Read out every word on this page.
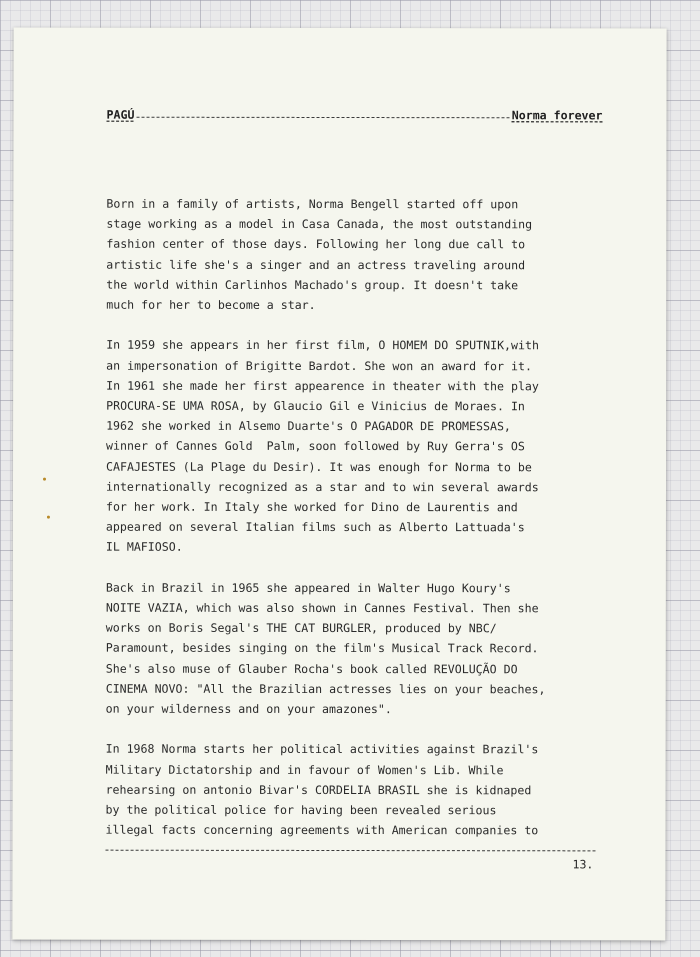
PAGÚ	Norma forever
Born in a family of artists, Norma Bengell started off upon
stage working as a model in Casa Canada, the most outstanding
fashion center of those days. Following her long due call to
artistic life she's a singer and an actress traveling around
the world within Carlinhos Machado's group. It doesn't take
much for her to become a star.
In 1959 she appears in her first film, O HOMEM DO SPUTNIK,with
an impersonation of Brigitte Bardot. She won an award for it.
In 1961 she made her first appearence in theater with the play
PROCURA-SE UMA ROSA, by Glaucio Gil e Vinicius de Moraes. In
1962 she worked in Alsemo Duarte's O PAGADOR DE PROMESSAS,
winner of Cannes Gold  Palm, soon followed by Ruy Gerra's OS
CAFAJESTES (La Plage du Desir). It was enough for Norma to be
internationally recognized as a star and to win several awards
for her work. In Italy she worked for Dino de Laurentis and
appeared on several Italian films such as Alberto Lattuada's
IL MAFIOSO.
Back in Brazil in 1965 she appeared in Walter Hugo Koury's
NOITE VAZIA, which was also shown in Cannes Festival. Then she
works on Boris Segal's THE CAT BURGLER, produced by NBC/
Paramount, besides singing on the film's Musical Track Record.
She's also muse of Glauber Rocha's book called REVOLUÇÃO DO
CINEMA NOVO: "All the Brazilian actresses lies on your beaches,
on your wilderness and on your amazones".
In 1968 Norma starts her political activities against Brazil's
Military Dictatorship and in favour of Women's Lib. While
rehearsing on antonio Bivar's CORDELIA BRASIL she is kidnaped
by the political police for having been revealed serious
illegal facts concerning agreements with American companies to
13.
